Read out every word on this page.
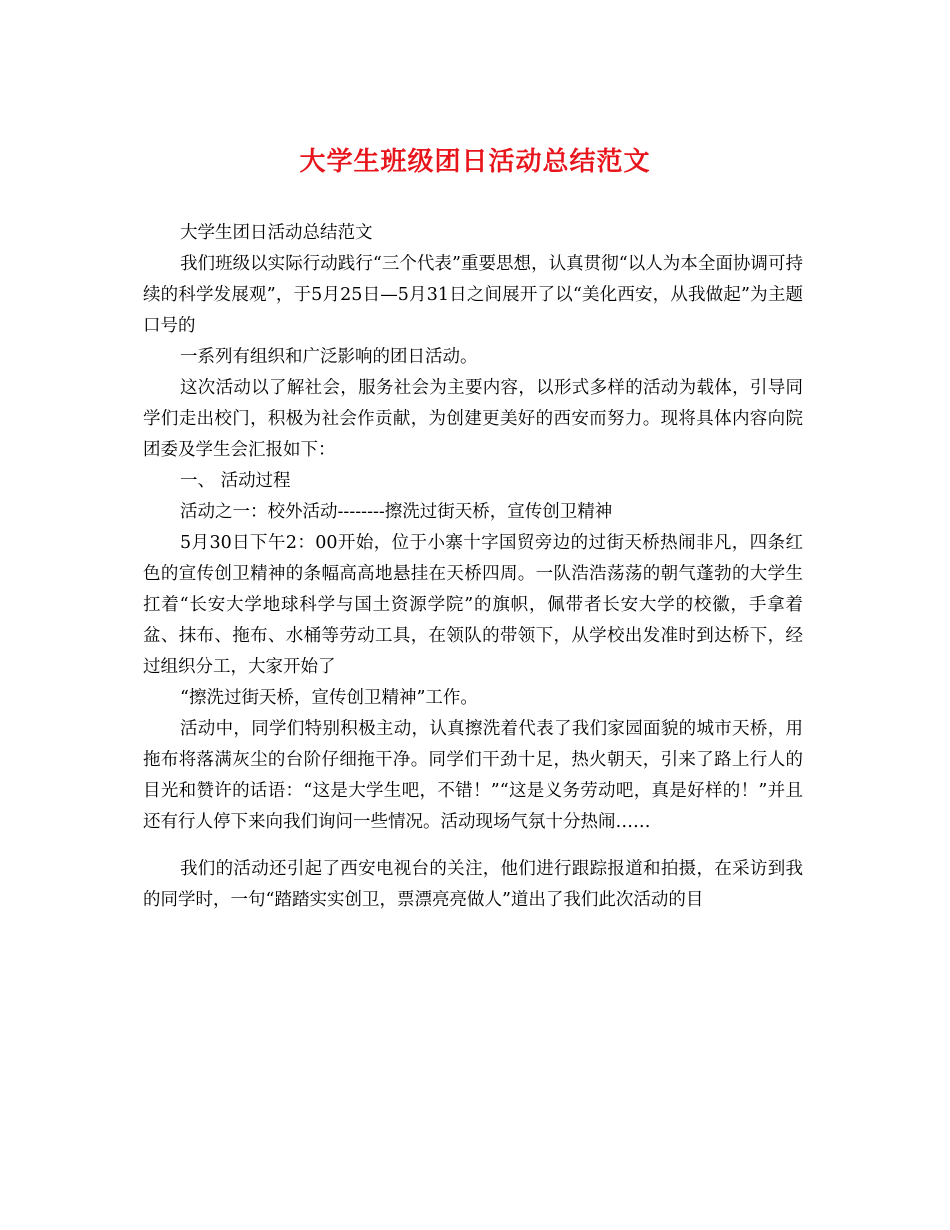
大学生班级团日活动总结范文

大学生团日活动总结范文

我们班级以实际行动践行“三个代表”重要思想，认真贯彻“以人为本全面协调可持续的科学发展观”，于5月25日—5月31日之间展开了以“美化西安，从我做起”为主题口号的

一系列有组织和广泛影响的团日活动。

这次活动以了解社会，服务社会为主要内容，以形式多样的活动为载体，引导同学们走出校门，积极为社会作贡献，为创建更美好的西安而努力。现将具体内容向院团委及学生会汇报如下：

一、 活动过程

活动之一：校外活动--------擦洗过街天桥，宣传创卫精神

5月30日下午2：00开始，位于小寨十字国贸旁边的过街天桥热闹非凡，四条红色的宣传创卫精神的条幅高高地悬挂在天桥四周。一队浩浩荡荡的朝气蓬勃的大学生扛着“长安大学地球科学与国土资源学院”的旗帜，佩带者长安大学的校徽，手拿着盆、抹布、拖布、水桶等劳动工具，在领队的带领下，从学校出发准时到达桥下，经过组织分工，大家开始了

“擦洗过街天桥，宣传创卫精神”工作。

活动中，同学们特别积极主动，认真擦洗着代表了我们家园面貌的城市天桥，用拖布将落满灰尘的台阶仔细拖干净。同学们干劲十足，热火朝天，引来了路上行人的目光和赞许的话语：“这是大学生吧，不错！”“这是义务劳动吧，真是好样的！”并且还有行人停下来向我们询问一些情况。活动现场气氛十分热闹……

我们的活动还引起了西安电视台的关注，他们进行跟踪报道和拍摄，在采访到我的同学时，一句“踏踏实实创卫，票漂亮亮做人”道出了我们此次活动的目
